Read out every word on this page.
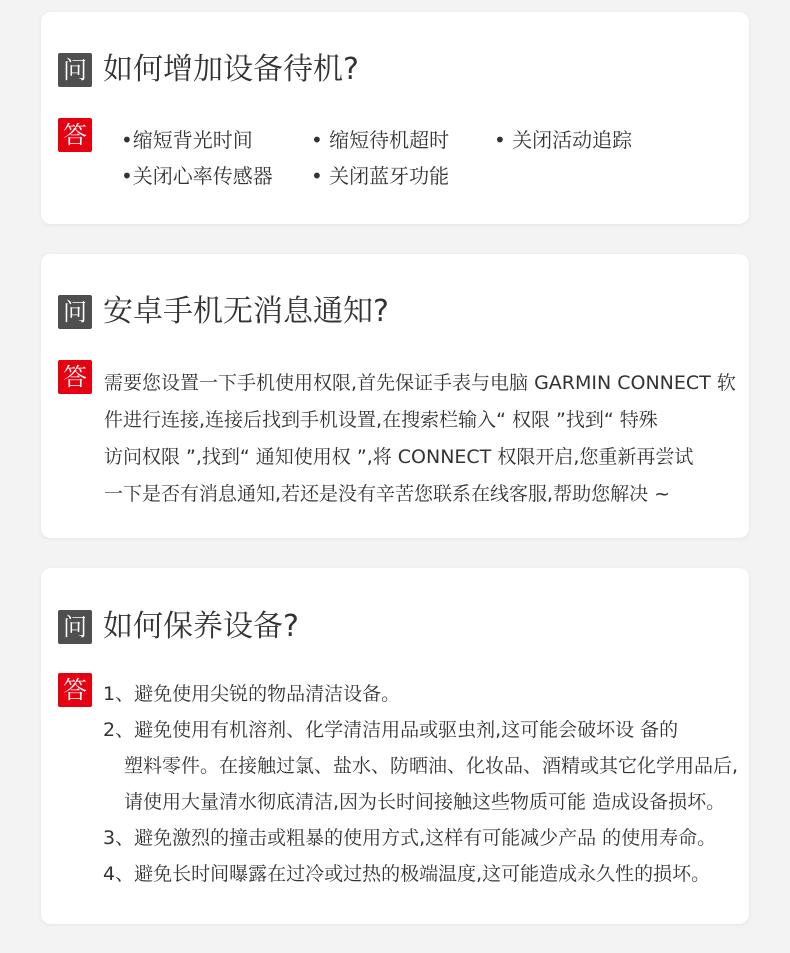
问 如何增加设备待机?
答 •缩短背光时间	• 缩短待机超时 • 关闭活动追踪
•关闭心率传感器 • 关闭蓝牙功能
问 安卓手机无消息通知?
答 需要您设置一下手机使用权限,首先保证手表与电脑 GARMIN CONNECT 软
件进行连接,连接后找到手机设置,在搜索栏输入“ 权限 ”找到“ 特殊
访问权限 ”,找到“ 通知使用权 ”,将 CONNECT 权限开启,您重新再尝试
一下是否有消息通知,若还是没有辛苦您联系在线客服,帮助您解决 ~
问 如何保养设备?
答 1、避免使用尖锐的物品清洁设备。
2、避免使用有机溶剂、化学清洁用品或驱虫剂,这可能会破坏设 备的
塑料零件。在接触过氯、盐水、防晒油、化妆品、酒精或其它化学用品后,
请使用大量清水彻底清洁,因为长时间接触这些物质可能 造成设备损坏。
3、避免激烈的撞击或粗暴的使用方式,这样有可能减少产品 的使用寿命。
4、避免长时间曝露在过冷或过热的极端温度,这可能造成永久性的损坏。
